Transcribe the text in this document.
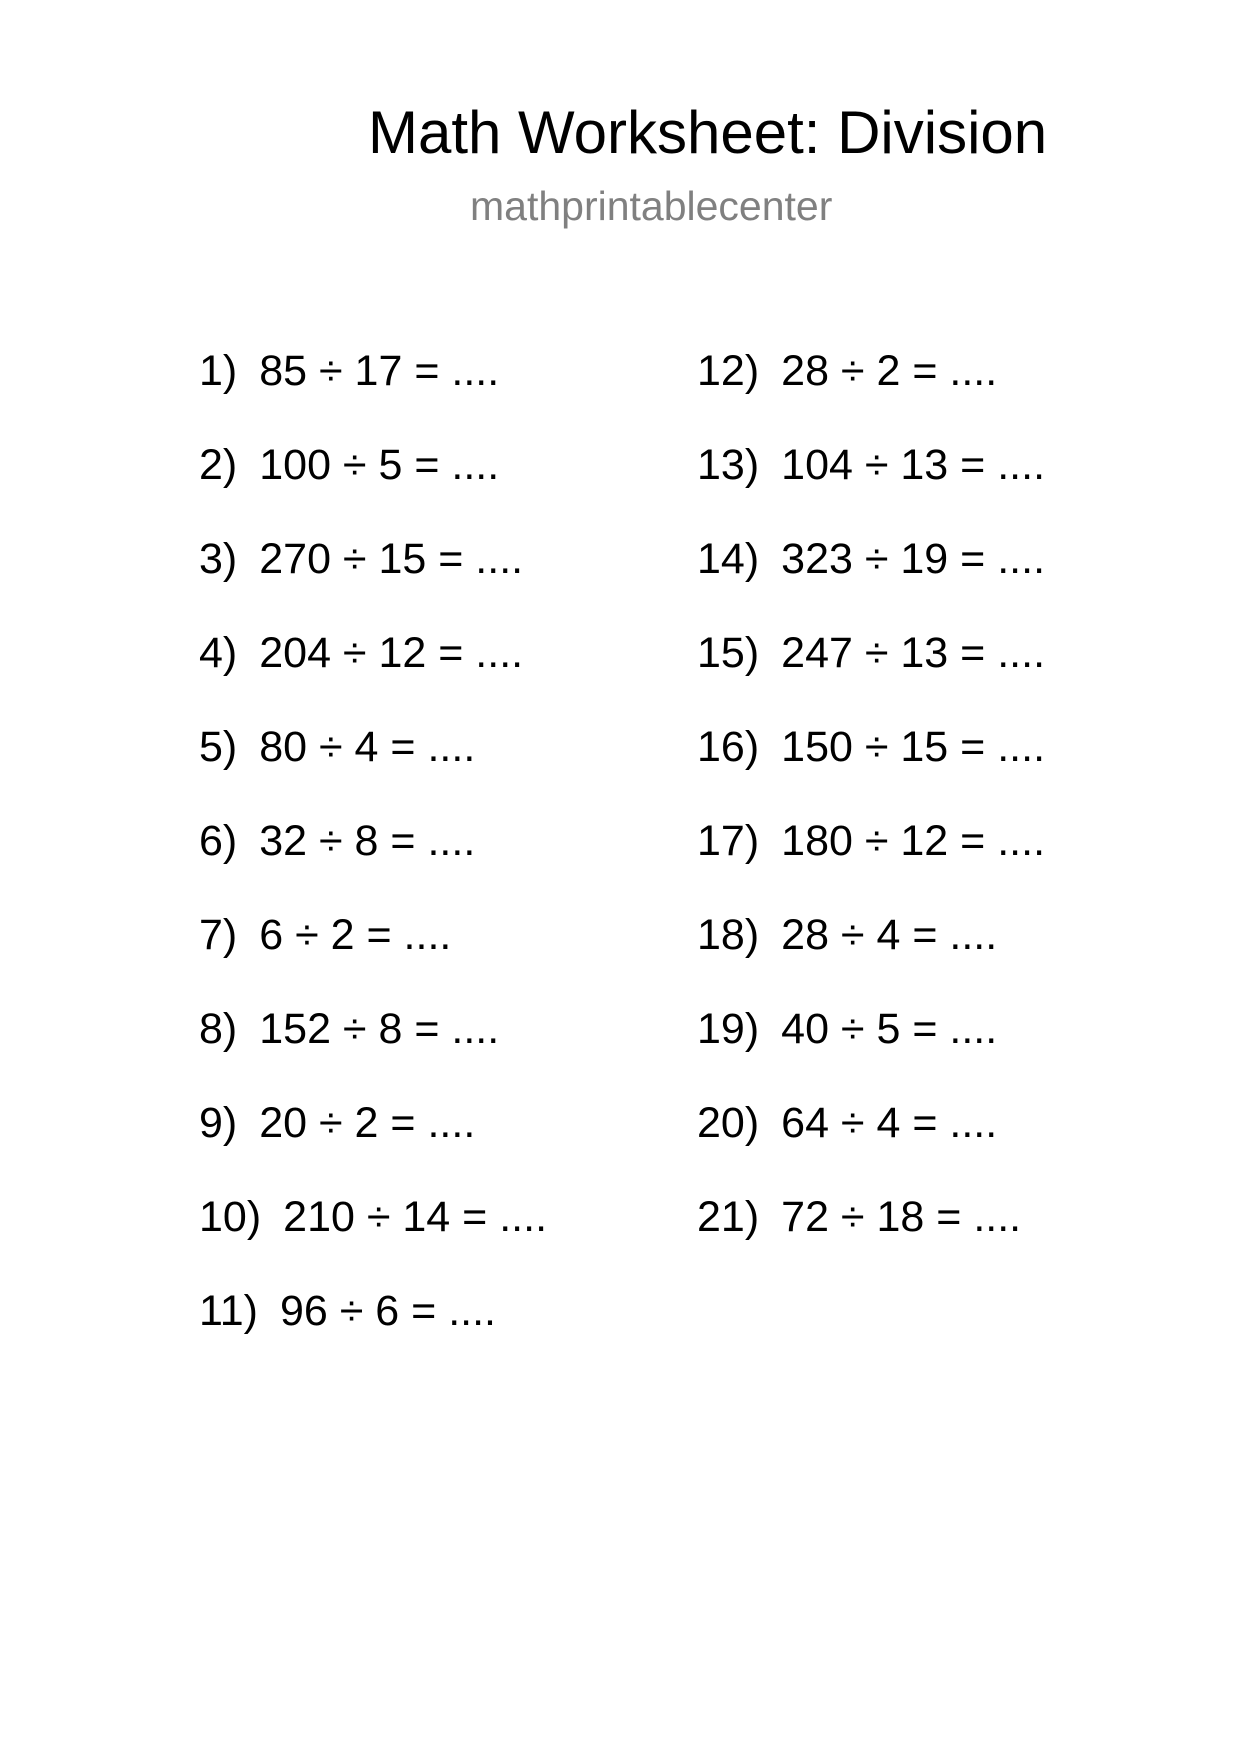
Math Worksheet: Division
mathprintablecenter
1) 85 ÷ 17 = ....
2) 100 ÷ 5 = ....
3) 270 ÷ 15 = ....
4) 204 ÷ 12 = ....
5) 80 ÷ 4 = ....
6) 32 ÷ 8 = ....
7) 6 ÷ 2 = ....
8) 152 ÷ 8 = ....
9) 20 ÷ 2 = ....
10) 210 ÷ 14 = ....
11) 96 ÷ 6 = ....
12) 28 ÷ 2 = ....
13) 104 ÷ 13 = ....
14) 323 ÷ 19 = ....
15) 247 ÷ 13 = ....
16) 150 ÷ 15 = ....
17) 180 ÷ 12 = ....
18) 28 ÷ 4 = ....
19) 40 ÷ 5 = ....
20) 64 ÷ 4 = ....
21) 72 ÷ 18 = ....
